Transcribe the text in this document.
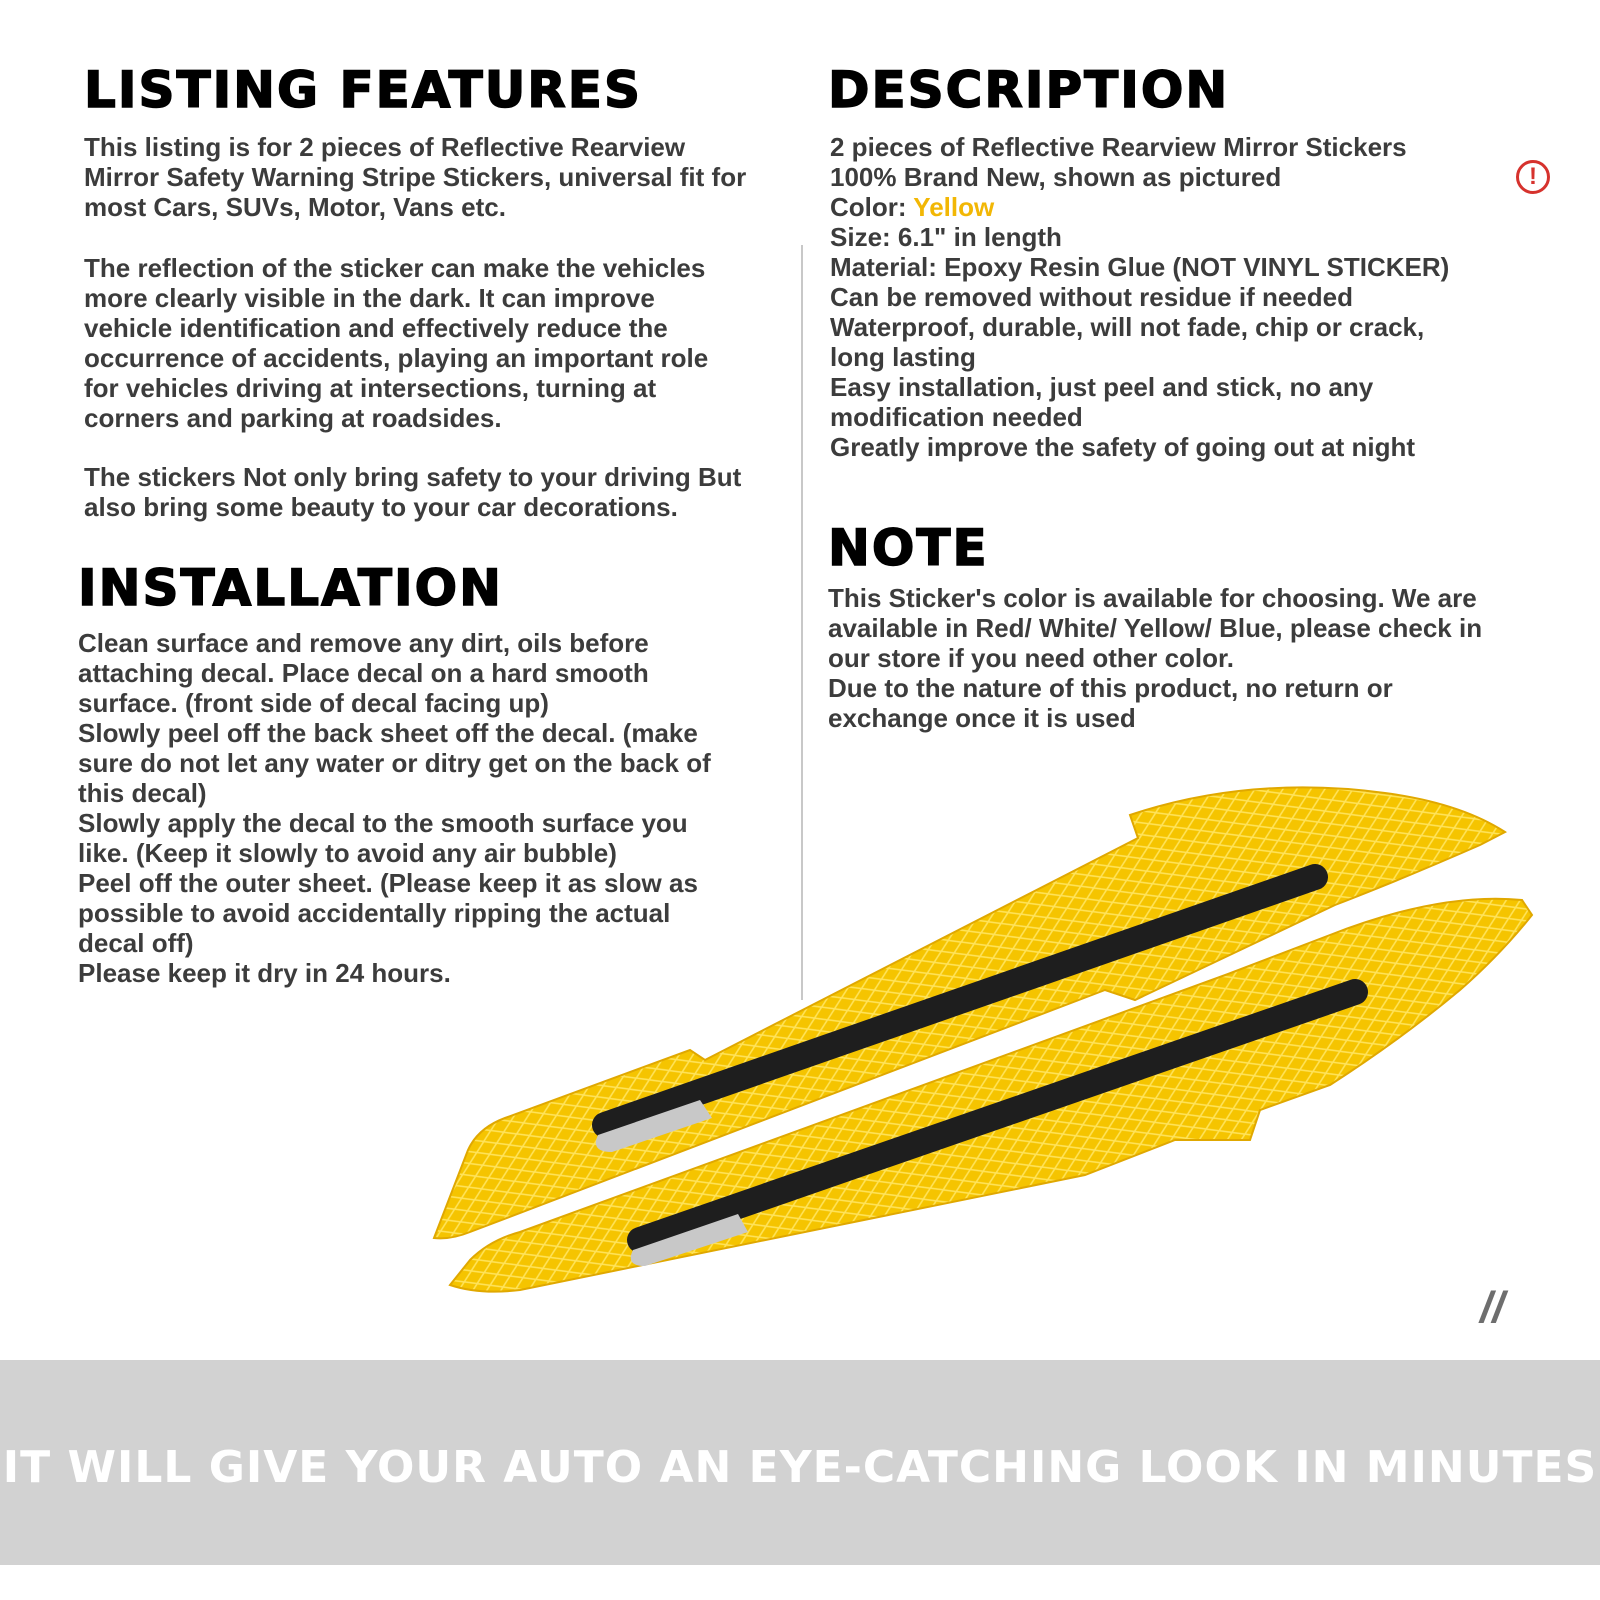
LISTING FEATURES

This listing is for 2 pieces of Reflective Rearview
Mirror Safety Warning Stripe Stickers, universal fit for
most Cars, SUVs, Motor, Vans etc.

The reflection of the sticker can make the vehicles
more clearly visible in the dark. It can improve
vehicle identification and effectively reduce the
occurrence of accidents, playing an important role
for vehicles driving at intersections, turning at
corners and parking at roadsides.

The stickers Not only bring safety to your driving But
also bring some beauty to your car decorations.

INSTALLATION

Clean surface and remove any dirt, oils before
attaching decal. Place decal on a hard smooth
surface. (front side of decal facing up)
Slowly peel off the back sheet off the decal. (make
sure do not let any water or ditry get on the back of
this decal)
Slowly apply the decal to the smooth surface you
like. (Keep it slowly to avoid any air bubble)
Peel off the outer sheet. (Please keep it as slow as
possible to avoid accidentally ripping the actual
decal off)
Please keep it dry in 24 hours.

DESCRIPTION
2 pieces of Reflective Rearview Mirror Stickers
100% Brand New, shown as pictured
Color: Yellow
Size: 6.1" in length
Material: Epoxy Resin Glue (NOT VINYL STICKER)
Can be removed without residue if needed
Waterproof, durable, will not fade, chip or crack,
long lasting
Easy installation, just peel and stick, no any
modification needed
Greatly improve the safety of going out at night
!
NOTE

This Sticker's color is available for choosing. We are
available in Red/ White/ Yellow/ Blue, please check in
our store if you need other color.
Due to the nature of this product, no return or
exchange once it is used

//

IT WILL GIVE YOUR AUTO AN EYE-CATCHING LOOK IN MINUTES
